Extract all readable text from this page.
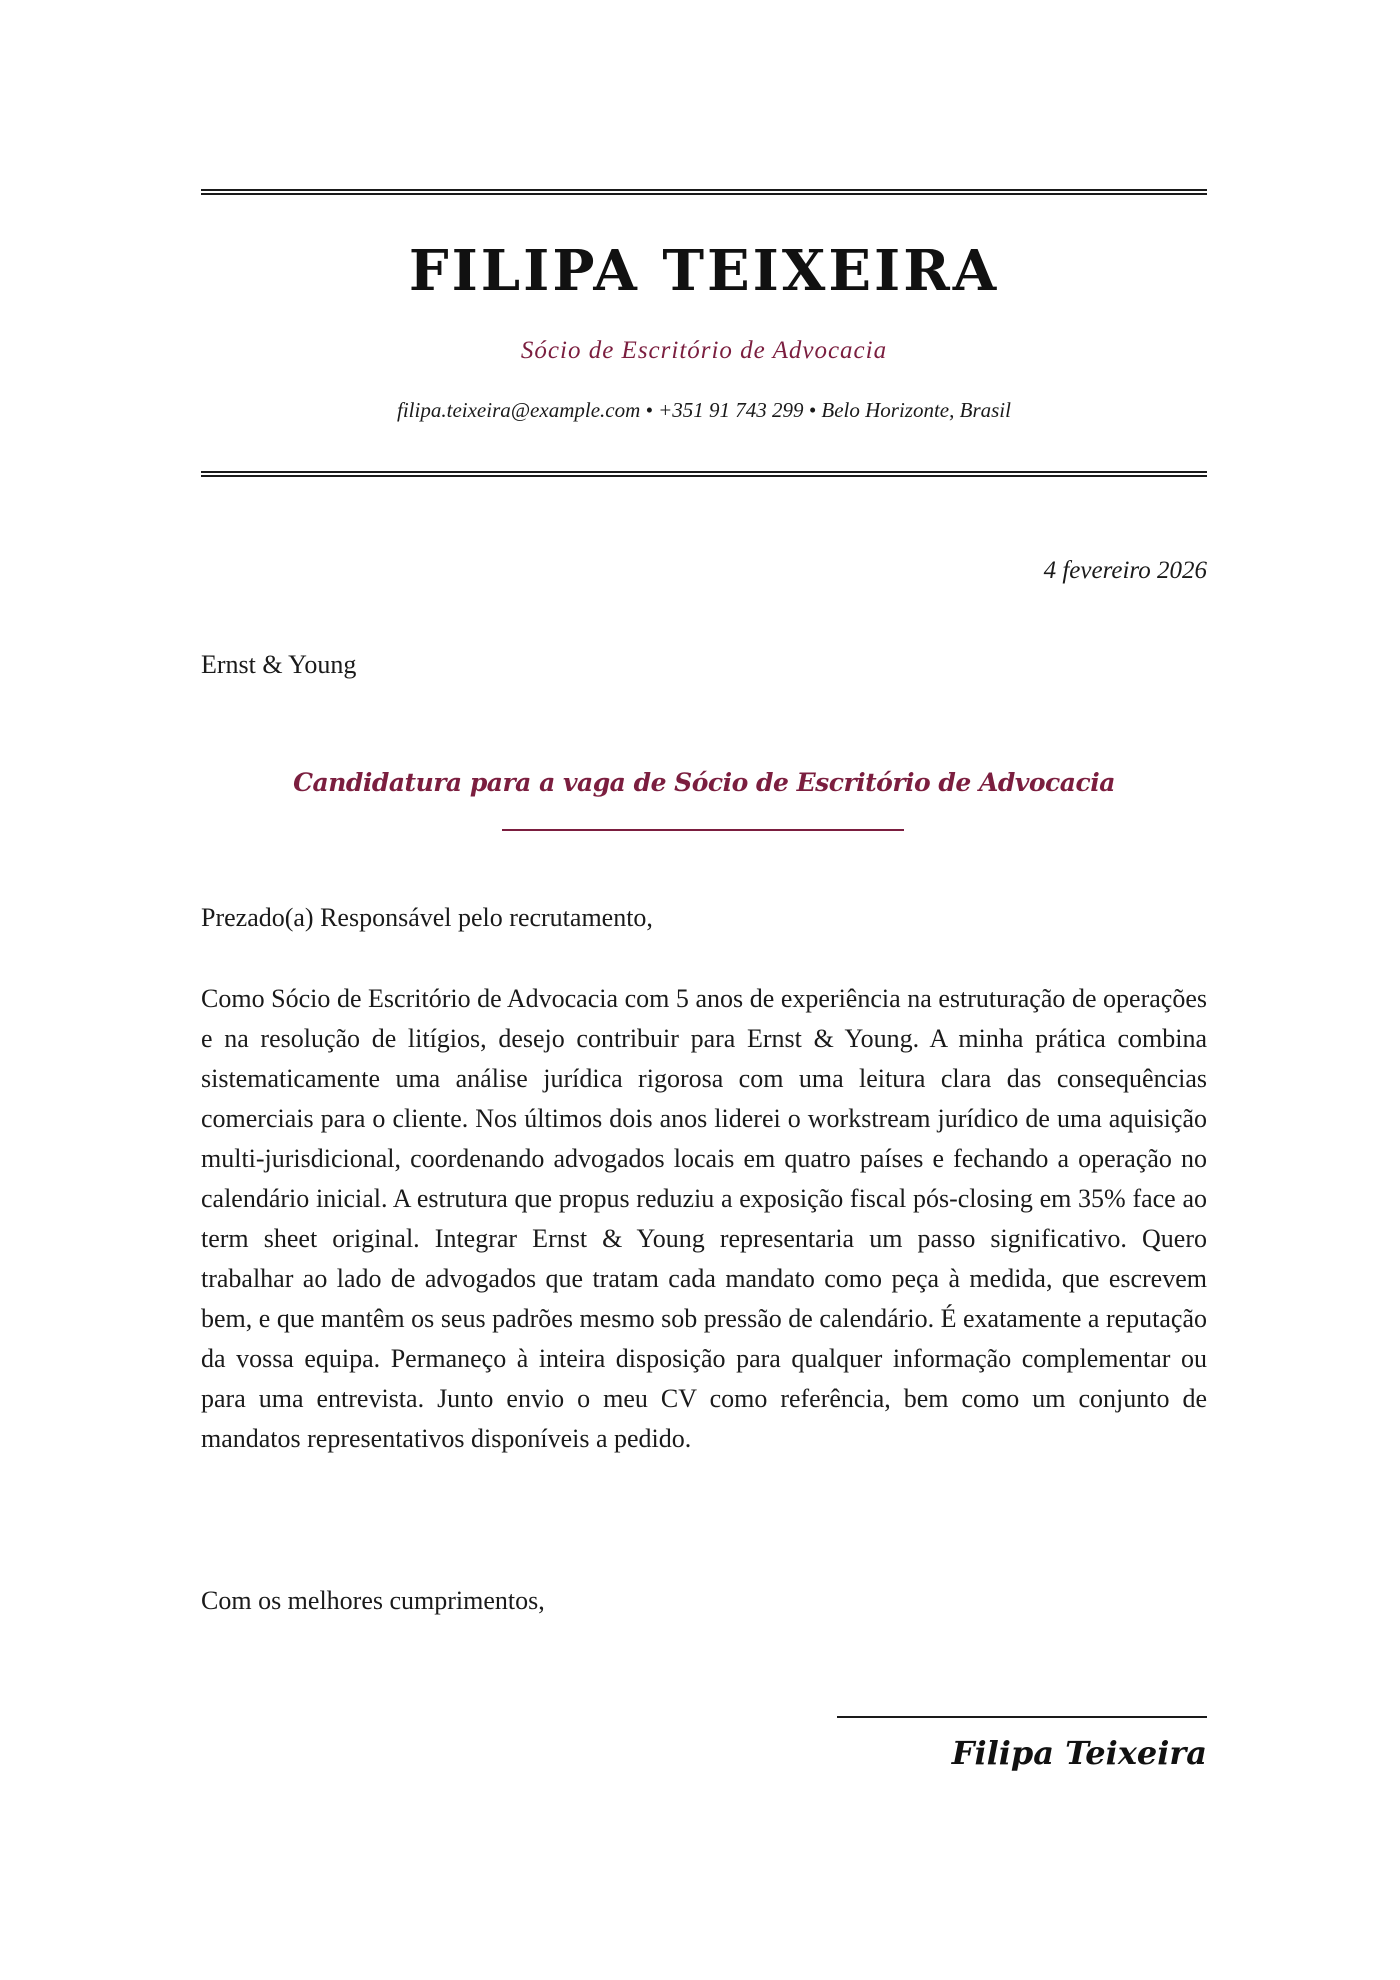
FILIPA TEIXEIRA
Sócio de Escritório de Advocacia
filipa.teixeira@example.com • +351 91 743 299 • Belo Horizonte, Brasil
4 fevereiro 2026
Ernst & Young
Candidatura para a vaga de Sócio de Escritório de Advocacia
Prezado(a) Responsável pelo recrutamento,
Como Sócio de Escritório de Advocacia com 5 anos de experiência na estruturação de operações e na resolução de litígios, desejo contribuir para Ernst & Young. A minha prática combina sistematicamente uma análise jurídica rigorosa com uma leitura clara das consequências comerciais para o cliente. Nos últimos dois anos liderei o workstream jurídico de uma aquisição multi-jurisdicional, coordenando advogados locais em quatro países e fechando a operação no calendário inicial. A estrutura que propus reduziu a exposição fiscal pós-closing em 35% face ao term sheet original. Integrar Ernst & Young representaria um passo significativo. Quero trabalhar ao lado de advogados que tratam cada mandato como peça à medida, que escrevem bem, e que mantêm os seus padrões mesmo sob pressão de calendário. É exatamente a reputação da vossa equipa. Permaneço à inteira disposição para qualquer informação complementar ou para uma entrevista. Junto envio o meu CV como referência, bem como um conjunto de mandatos representativos disponíveis a pedido.
Com os melhores cumprimentos,
Filipa Teixeira
